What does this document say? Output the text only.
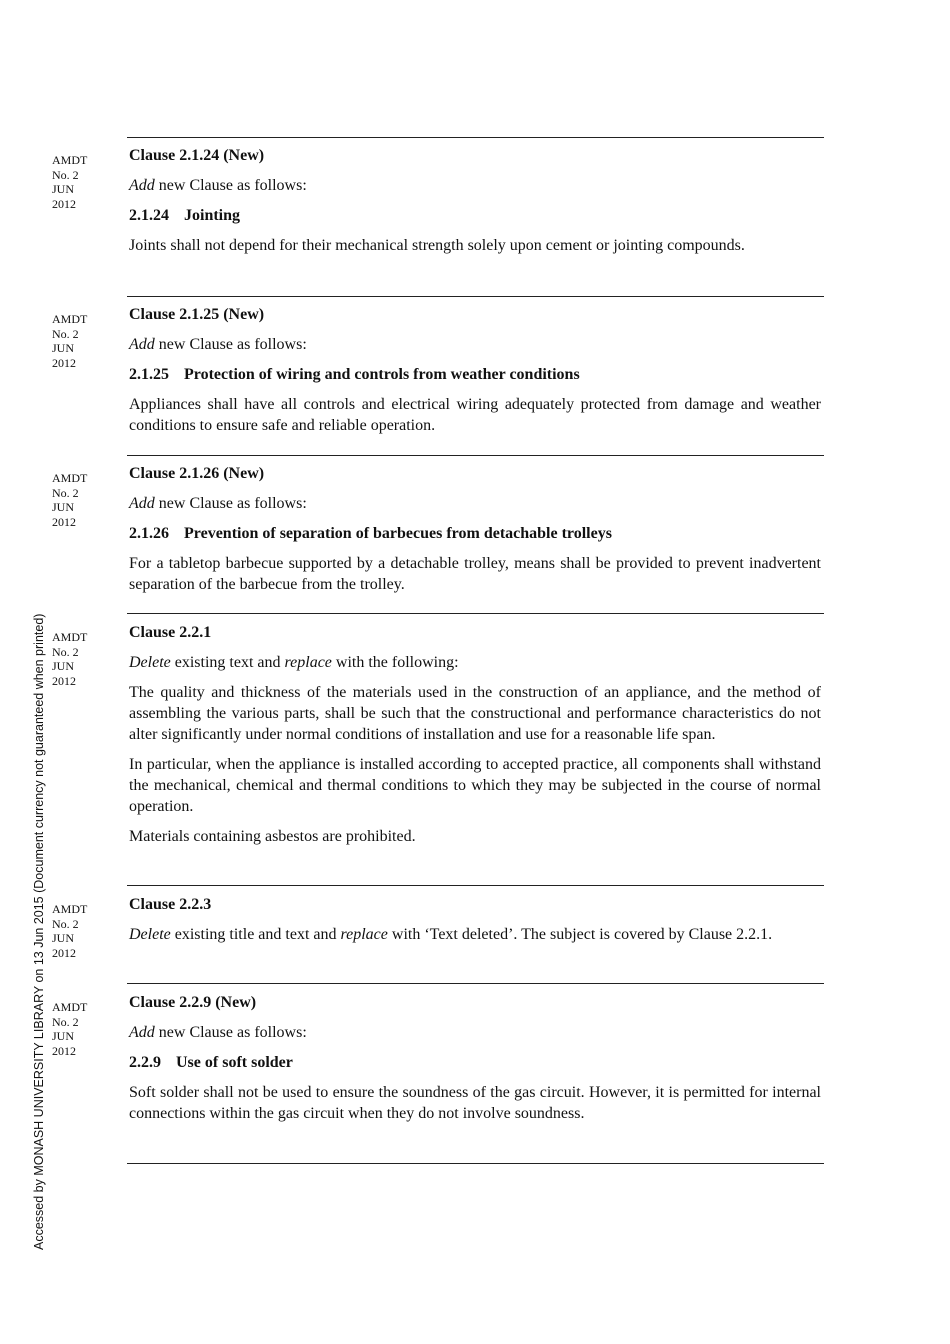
Accessed by MONASH UNIVERSITY LIBRARY on 13 Jun 2015 (Document currency not guaranteed when printed)
AMDT
No. 2
JUN
2012
Clause 2.1.24 (New)

Add new Clause as follows:

2.1.24 Jointing

Joints shall not depend for their mechanical strength solely upon cement or jointing compounds.

AMDT
No. 2
JUN
2012
Clause 2.1.25 (New)

Add new Clause as follows:

2.1.25 Protection of wiring and controls from weather conditions

Appliances shall have all controls and electrical wiring adequately protected from damage and weather conditions to ensure safe and reliable operation.

AMDT
No. 2
JUN
2012
Clause 2.1.26 (New)

Add new Clause as follows:

2.1.26 Prevention of separation of barbecues from detachable trolleys

For a tabletop barbecue supported by a detachable trolley, means shall be provided to prevent inadvertent separation of the barbecue from the trolley.

AMDT
No. 2
JUN
2012
Clause 2.2.1

Delete existing text and replace with the following:

The quality and thickness of the materials used in the construction of an appliance, and the method of assembling the various parts, shall be such that the constructional and performance characteristics do not alter significantly under normal conditions of installation and use for a reasonable life span.

In particular, when the appliance is installed according to accepted practice, all components shall withstand the mechanical, chemical and thermal conditions to which they may be subjected in the course of normal operation.

Materials containing asbestos are prohibited.

AMDT
No. 2
JUN
2012
Clause 2.2.3

Delete existing title and text and replace with ‘Text deleted’. The subject is covered by Clause 2.2.1.

AMDT
No. 2
JUN
2012
Clause 2.2.9 (New)

Add new Clause as follows:

2.2.9 Use of soft solder

Soft solder shall not be used to ensure the soundness of the gas circuit. However, it is permitted for internal connections within the gas circuit when they do not involve soundness.
